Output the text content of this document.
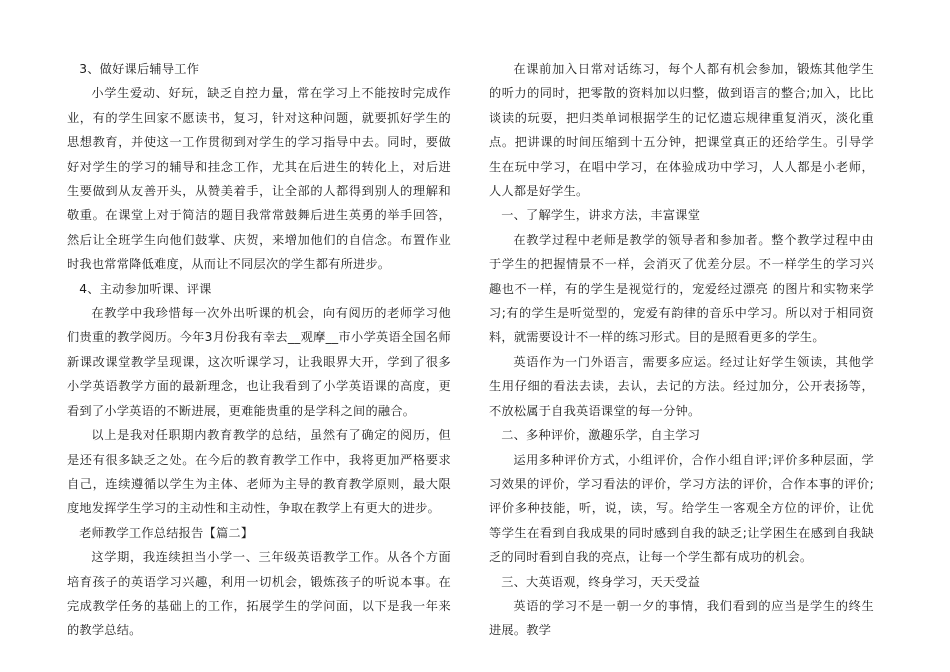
3、做好课后辅导工作

小学生爱动、好玩，缺乏自控力量，常在学习上不能按时完成作业，有的学生回家不愿读书，复习，针对这种问题，就要抓好学生的思想教育，并使这一工作贯彻到对学生的学习指导中去。同时，要做好对学生的学习的辅导和挂念工作，尤其在后进生的转化上，对后进生要做到从友善开头，从赞美着手，让全部的人都得到别人的理解和敬重。在课堂上对于简洁的题目我常常鼓舞后进生英勇的举手回答，然后让全班学生向他们鼓掌、庆贺，来增加他们的自信念。布置作业时我也常常降低难度，从而让不同层次的学生都有所进步。

4、主动参加听课、评课

在教学中我珍惜每一次外出听课的机会，向有阅历的老师学习他们贵重的教学阅历。今年3月份我有幸去__观摩__市小学英语全国名师新课改课堂教学呈现课，这次听课学习，让我眼界大开，学到了很多小学英语教学方面的最新理念，也让我看到了小学英语课的高度，更看到了小学英语的不断进展，更难能贵重的是学科之间的融合。

以上是我对任职期内教育教学的总结，虽然有了确定的阅历，但是还有很多缺乏之处。在今后的教育教学工作中，我将更加严格要求自己，连续遵循以学生为主体、老师为主导的教育教学原则，最大限度地发挥学生学习的主动性和主动性，争取在教学上有更大的进步。

老师教学工作总结报告【篇二】

这学期，我连续担当小学一、三年级英语教学工作。从各个方面培育孩子的英语学习兴趣，利用一切机会，锻炼孩子的听说本事。在完成教学任务的基础上的工作，拓展学生的学问面，以下是我一年来的教学总结。

在课前加入日常对话练习，每个人都有机会参加，锻炼其他学生的听力的同时，把零散的资料加以归整，做到语言的整合;加入，比比谈读的玩耍，把归类单词根据学生的记忆遗忘规律重复消灭，淡化重点。把讲课的时间压缩到十五分钟，把课堂真正的还给学生。引导学生在玩中学习，在唱中学习，在体验成功中学习，人人都是小老师，人人都是好学生。

一、了解学生，讲求方法，丰富课堂

在教学过程中老师是教学的领导者和参加者。整个教学过程中由于学生的把握情景不一样，会消灭了优差分层。不一样学生的学习兴趣也不一样，有的学生是视觉行的，宠爱经过漂亮 的图片和实物来学习;有的学生是听觉型的，宠爱有韵律的音乐中学习。所以对于相同资料，就需要设计不一样的练习形式。目的是照看更多的学生。

英语作为一门外语言，需要多应运。经过让好学生领读，其他学生用仔细的看法去读，去认，去记的方法。经过加分，公开表扬等，不放松属于自我英语课堂的每一分钟。

二、多种评价，激趣乐学，自主学习

运用多种评价方式，小组评价，合作小组自评;评价多种层面，学习效果的评价，学习看法的评价，学习方法的评价，合作本事的评价;评价多种技能，听，说，读，写。给学生一客观全方位的评价，让优等学生在看到自我成果的同时感到自我的缺乏;让学困生在感到自我缺乏的同时看到自我的亮点，让每一个学生都有成功的机会。

三、大英语观，终身学习，天天受益

英语的学习不是一朝一夕的事情，我们看到的应当是学生的终生进展。教学
